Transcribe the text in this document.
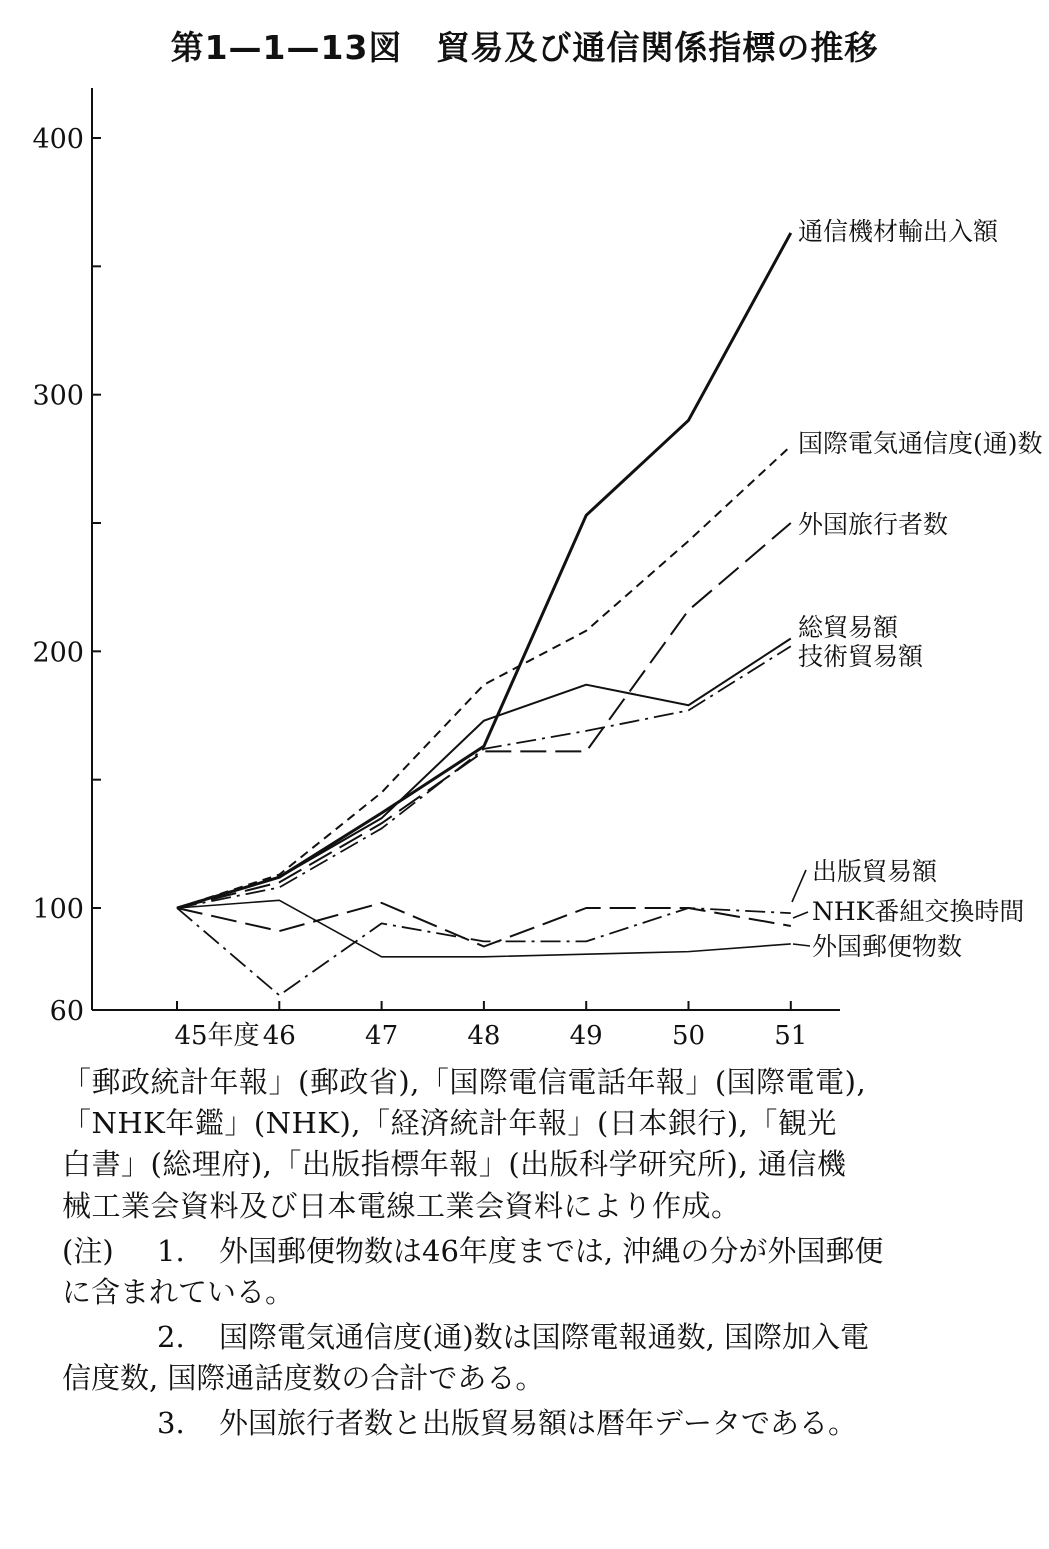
第1—1—13図　貿易及び通信関係指標の推移
60
100
200
300
400
45年度 46	47	48	49	50	51
通信機材輸出入額
国際電気通信度(通)数
外国旅行者数
総貿易額
技術貿易額
出版貿易額
NHK番組交換時間
外国郵便物数

「郵政統計年報」(郵政省),「国際電信電話年報」(国際電電),

「NHK年鑑」(NHK),「経済統計年報」(日本銀行),「観光

白書」(総理府),「出版指標年報」(出版科学研究所), 通信機

械工業会資料及び日本電線工業会資料により作成。

(注)	1.	外国郵便物数は46年度までは, 沖縄の分が外国郵便

に含まれている。

2.	国際電気通信度(通)数は国際電報通数, 国際加入電

信度数, 国際通話度数の合計である。

3.	外国旅行者数と出版貿易額は暦年データである。
